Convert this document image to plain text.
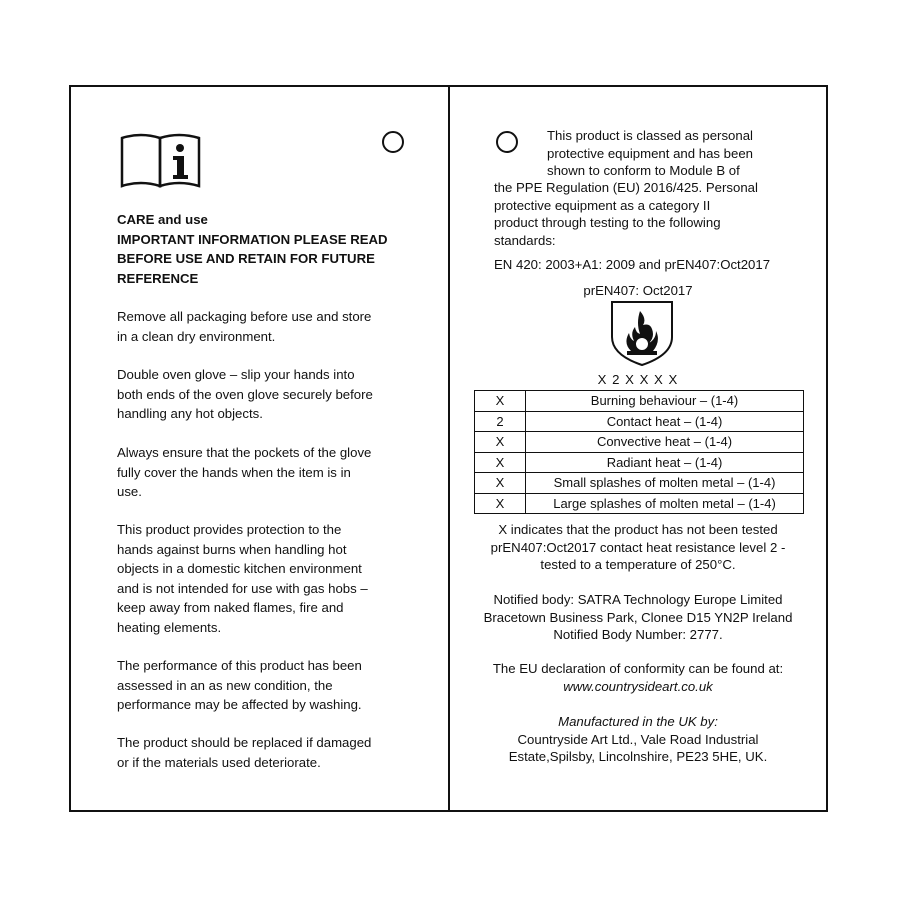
CARE and use

IMPORTANT INFORMATION PLEASE READ

BEFORE USE AND RETAIN FOR FUTURE

REFERENCE

Remove all packaging before use and store

in a clean dry environment.

Double oven glove – slip your hands into

both ends of the oven glove securely before

handling any hot objects.

Always ensure that the pockets of the glove

fully cover the hands when the item is in

use.

This product provides protection to the

hands against burns when handling hot

objects in a domestic kitchen environment

and is not intended for use with gas hobs –

keep away from naked flames, fire and

heating elements.

The performance of this product has been

assessed in an as new condition, the

performance may be affected by washing.

The product should be replaced if damaged

or if the materials used deteriorate.

This product is classed as personal
protective equipment and has been
shown to conform to Module B of
the PPE Regulation (EU) 2016/425. Personal
protective equipment as a category II
product through testing to the following
standards:
EN 420: 2003+A1: 2009 and prEN407:Oct2017
prEN407: Oct2017
X 2 X X X X
X	Burning behaviour – (1-4)
2	Contact heat – (1-4)
X	Convective heat – (1-4)
X	Radiant heat – (1-4)
X	Small splashes of molten metal – (1-4)
X	Large splashes of molten metal – (1-4)
X indicates that the product has not been tested
prEN407:Oct2017 contact heat resistance level 2 -
tested to a temperature of 250°C.
Notified body: SATRA Technology Europe Limited
Bracetown Business Park, Clonee D15 YN2P Ireland
Notified Body Number: 2777.
The EU declaration of conformity can be found at:
www.countrysideart.co.uk
Manufactured in the UK by:
Countryside Art Ltd., Vale Road Industrial
Estate,Spilsby, Lincolnshire, PE23 5HE, UK.
